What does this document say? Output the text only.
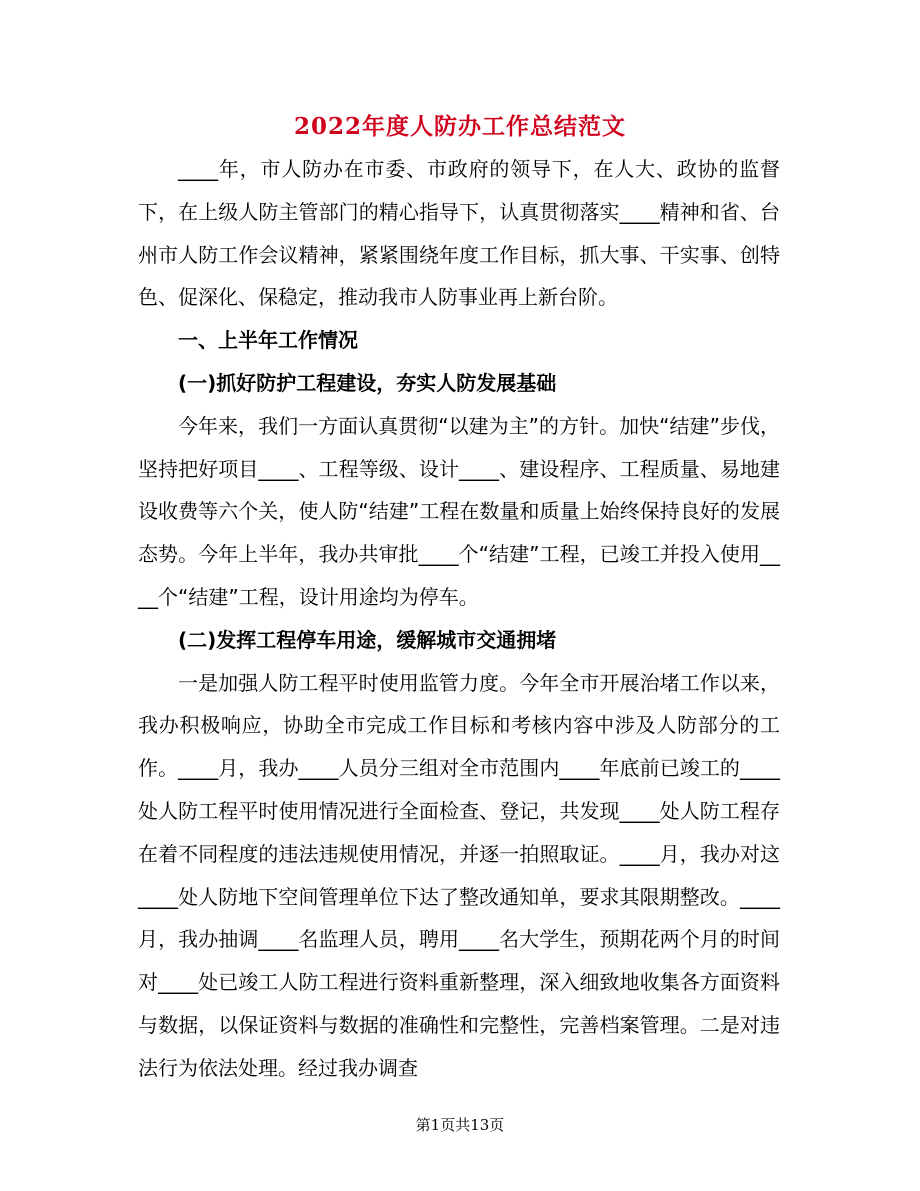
2022年度人防办工作总结范文

____年，市人防办在市委、市政府的领导下，在人大、政协的监督下，在上级人防主管部门的精心指导下，认真贯彻落实____精神和省、台州市人防工作会议精神，紧紧围绕年度工作目标，抓大事、干实事、创特色、促深化、保稳定，推动我市人防事业再上新台阶。

一、上半年工作情况
(一)抓好防护工程建设，夯实人防发展基础

今年来，我们一方面认真贯彻“以建为主”的方针。加快“结建”步伐，坚持把好项目____、工程等级、设计____、建设程序、工程质量、易地建设收费等六个关，使人防“结建”工程在数量和质量上始终保持良好的发展态势。今年上半年，我办共审批____个“结建”工程，已竣工并投入使用____个“结建”工程，设计用途均为停车。

(二)发挥工程停车用途，缓解城市交通拥堵

一是加强人防工程平时使用监管力度。今年全市开展治堵工作以来，我办积极响应，协助全市完成工作目标和考核内容中涉及人防部分的工作。____月，我办____人员分三组对全市范围内____年底前已竣工的____处人防工程平时使用情况进行全面检查、登记，共发现____处人防工程存在着不同程度的违法违规使用情况，并逐一拍照取证。____月，我办对这____处人防地下空间管理单位下达了整改通知单，要求其限期整改。____月，我办抽调____名监理人员，聘用____名大学生，预期花两个月的时间对____处已竣工人防工程进行资料重新整理，深入细致地收集各方面资料与数据，以保证资料与数据的准确性和完整性，完善档案管理。二是对违法行为依法处理。经过我办调查

第1页共13页
